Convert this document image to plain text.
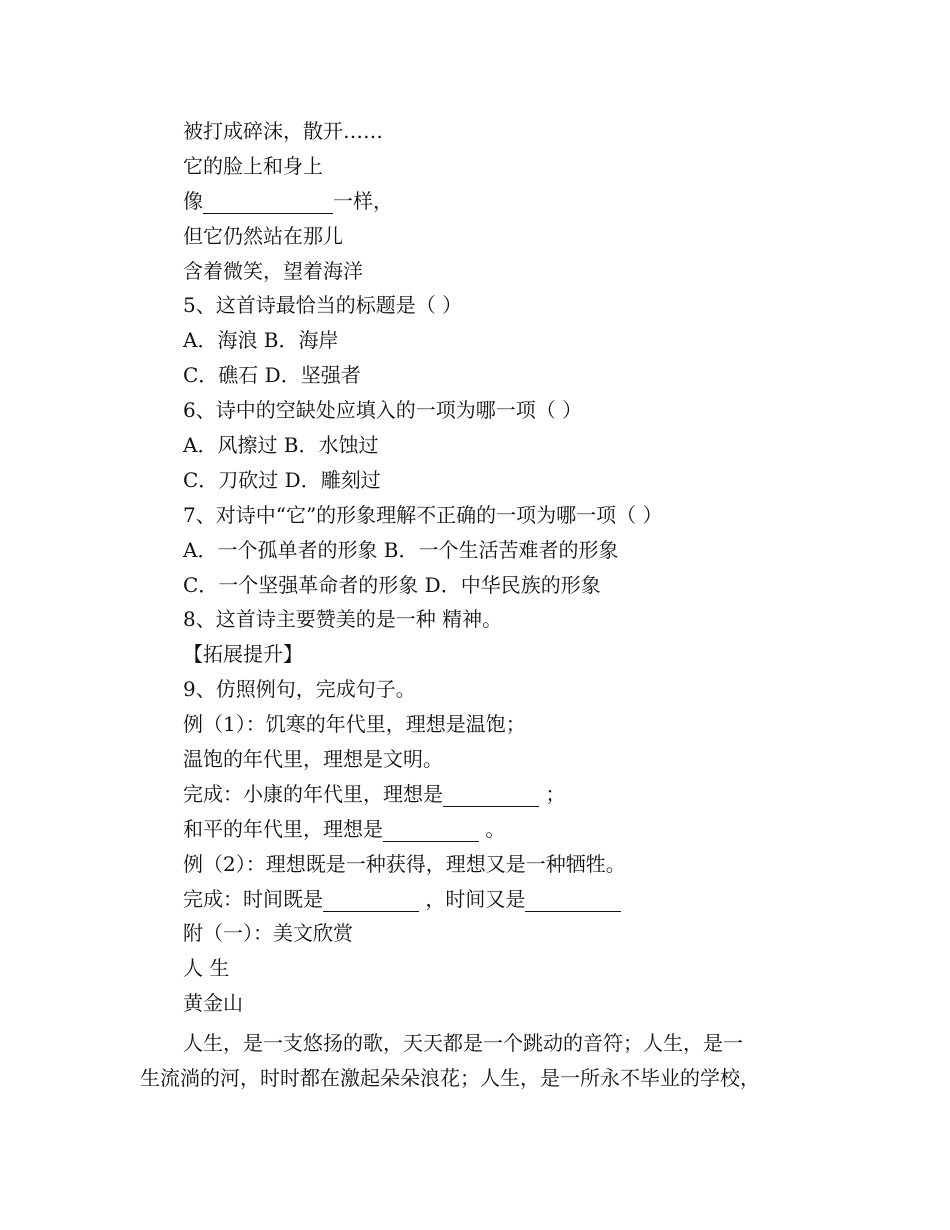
被打成碎沫，散开……
它的脸上和身上
像	一样，
但它仍然站在那儿
含着微笑，望着海洋
5、这首诗最恰当的标题是（ ）
A．海浪 B．海岸
C．礁石 D．坚强者
6、诗中的空缺处应填入的一项为哪一项（ ）
A．风擦过 B．水蚀过
C．刀砍过 D．雕刻过
7、对诗中“它”的形象理解不正确的一项为哪一项（ ）
A．一个孤单者的形象 B．一个生活苦难者的形象
C．一个坚强革命者的形象 D．中华民族的形象
8、这首诗主要赞美的是一种 精神。
【拓展提升】
9、仿照例句，完成句子。
例（1）：饥寒的年代里，理想是温饱；
温饱的年代里，理想是文明。
完成：小康的年代里，理想是	；
和平的年代里，理想是	。
例（2）：理想既是一种获得，理想又是一种牺牲。
完成：时间既是	，时间又是
附（一）：美文欣赏
人 生
黄金山
人生，是一支悠扬的歌，天天都是一个跳动的音符；人生，是一
生流淌的河，时时都在激起朵朵浪花；人生，是一所永不毕业的学校，
